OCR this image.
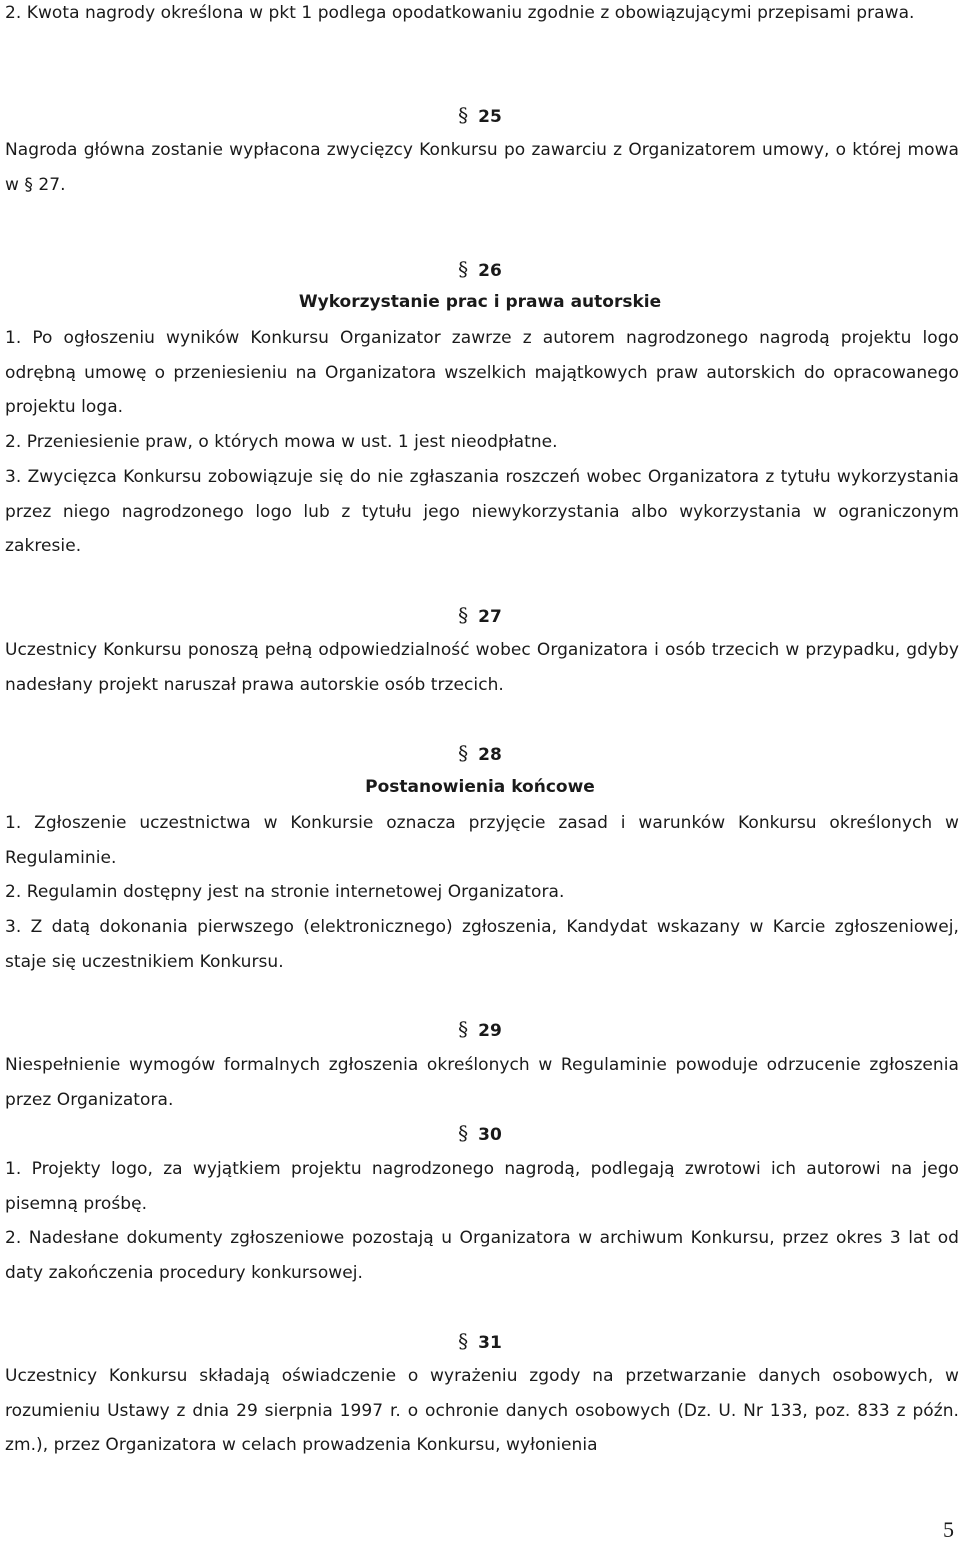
2. Kwota nagrody określona w pkt 1 podlega opodatkowaniu zgodnie z obowiązującymi przepisami prawa.

§ 25

Nagroda główna zostanie wypłacona zwycięzcy Konkursu po zawarciu z Organizatorem umowy, o której mowa w § 27.

§ 26

Wykorzystanie prac i prawa autorskie

1. Po ogłoszeniu wyników Konkursu Organizator zawrze z autorem nagrodzonego nagrodą projektu logo odrębną umowę o przeniesieniu na Organizatora wszelkich majątkowych praw autorskich do opracowanego projektu loga.

2. Przeniesienie praw, o których mowa w ust. 1 jest nieodpłatne.

3. Zwycięzca Konkursu zobowiązuje się do nie zgłaszania roszczeń wobec Organizatora z tytułu wykorzystania przez niego nagrodzonego logo lub z tytułu jego niewykorzystania albo wykorzystania w ograniczonym zakresie.

§ 27

Uczestnicy Konkursu ponoszą pełną odpowiedzialność wobec Organizatora i osób trzecich w przypadku, gdyby nadesłany projekt naruszał prawa autorskie osób trzecich.

§ 28

Postanowienia końcowe

1. Zgłoszenie uczestnictwa w Konkursie oznacza przyjęcie zasad i warunków Konkursu określonych w Regulaminie.

2. Regulamin dostępny jest na stronie internetowej Organizatora.

3. Z datą dokonania pierwszego (elektronicznego) zgłoszenia, Kandydat wskazany w Karcie zgłoszeniowej, staje się uczestnikiem Konkursu.

§ 29

Niespełnienie wymogów formalnych zgłoszenia określonych w Regulaminie powoduje odrzucenie zgłoszenia przez Organizatora.

§ 30

1. Projekty logo, za wyjątkiem projektu nagrodzonego nagrodą, podlegają zwrotowi ich autorowi na jego pisemną prośbę.

2. Nadesłane dokumenty zgłoszeniowe pozostają u Organizatora w archiwum Konkursu, przez okres 3 lat od daty zakończenia procedury konkursowej.

§ 31

Uczestnicy Konkursu składają oświadczenie o wyrażeniu zgody na przetwarzanie danych osobowych, w rozumieniu Ustawy z dnia 29 sierpnia 1997 r. o ochronie danych osobowych (Dz. U. Nr 133, poz. 833 z późn. zm.), przez Organizatora w celach prowadzenia Konkursu, wyłonienia

5
